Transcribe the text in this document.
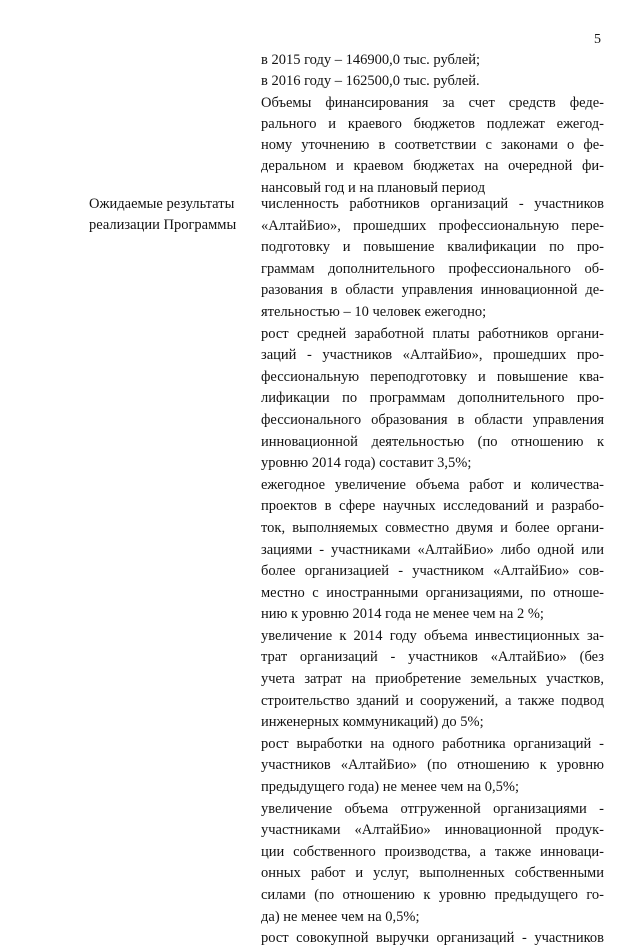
5
в 2015 году – 146900,0 тыс. рублей;
в 2016 году – 162500,0 тыс. рублей.
Объемы финансирования за счет средств феде-
рального и краевого бюджетов подлежат ежегод-
ному уточнению в соответствии с законами о фе-
деральном и краевом бюджетах на очередной фи-
нансовый год и на плановый период
Ожидаемые результаты
реализации Программы
численность работников организаций - участников
«АлтайБио», прошедших профессиональную пере-
подготовку и повышение квалификации по про-
граммам дополнительного профессионального об-
разования в области управления инновационной де-
ятельностью – 10 человек ежегодно;
рост средней заработной платы работников органи-
заций - участников «АлтайБио», прошедших про-
фессиональную переподготовку и повышение ква-
лификации по программам дополнительного про-
фессионального образования в области управления
инновационной деятельностью (по отношению к
уровню 2014 года) составит 3,5%;
ежегодное увеличение объема работ и количества-
проектов в сфере научных исследований и разрабо-
ток, выполняемых совместно двумя и более органи-
зациями - участниками «АлтайБио» либо одной или
более организацией - участником «АлтайБио» сов-
местно с иностранными организациями, по отноше-
нию к уровню 2014 года не менее чем на 2 %;
увеличение к 2014 году объема инвестиционных за-
трат организаций - участников «АлтайБио» (без
учета затрат на приобретение земельных участков,
строительство зданий и сооружений, а также подвод
инженерных коммуникаций) до 5%;
рост выработки на одного работника организаций -
участников «АлтайБио» (по отношению к уровню
предыдущего года) не менее чем на 0,5%;
увеличение объема отгруженной организациями -
участниками «АлтайБио» инновационной продук-
ции собственного производства, а также инноваци-
онных работ и услуг, выполненных собственными
силами (по отношению к уровню предыдущего го-
да) не менее чем на 0,5%;
рост совокупной выручки организаций - участников
